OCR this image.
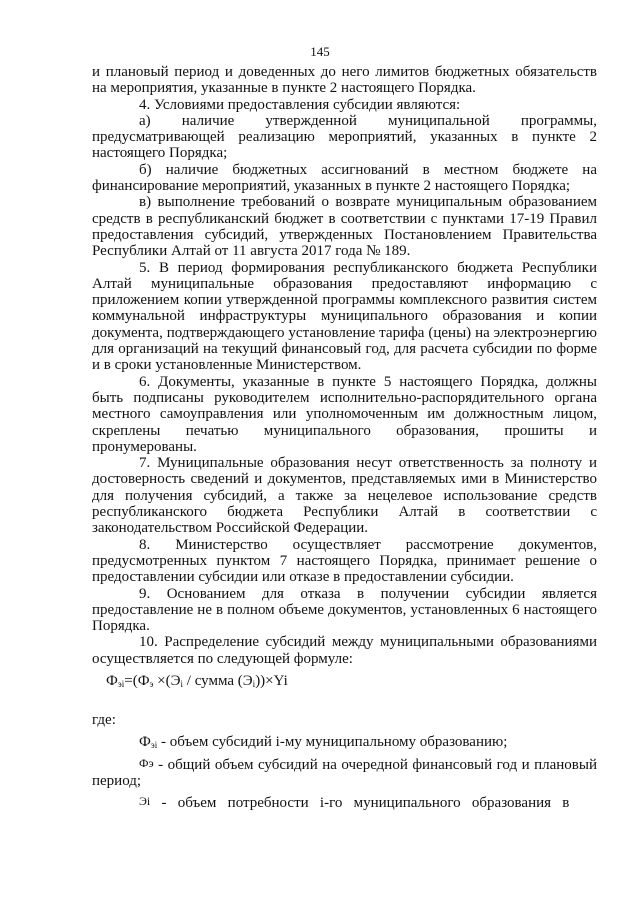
145

и плановый период и доведенных до него лимитов бюджетных обязательств на мероприятия, указанные в пункте 2 настоящего Порядка.

4. Условиями предоставления субсидии являются:

а) наличие утвержденной муниципальной программы, предусматривающей реализацию мероприятий, указанных в пункте 2 настоящего Порядка;

б) наличие бюджетных ассигнований в местном бюджете на финансирование мероприятий, указанных в пункте 2 настоящего Порядка;

в) выполнение требований о возврате муниципальным образованием средств в республиканский бюджет в соответствии с пунктами 17-19 Правил предоставления субсидий, утвержденных Постановлением Правительства Республики Алтай от 11 августа 2017 года № 189.

5. В период формирования республиканского бюджета Республики Алтай муниципальные образования предоставляют информацию с приложением копии утвержденной программы комплексного развития систем коммунальной инфраструктуры муниципального образования и копии документа, подтверждающего установление тарифа (цены) на электроэнергию для организаций на текущий финансовый год, для расчета субсидии по форме и в сроки установленные Министерством.

6. Документы, указанные в пункте 5 настоящего Порядка, должны быть подписаны руководителем исполнительно-распорядительного органа местного самоуправления или уполномоченным им должностным лицом, скреплены печатью муниципального образования, прошиты и пронумерованы.

7. Муниципальные образования несут ответственность за полноту и достоверность сведений и документов, представляемых ими в Министерство для получения субсидий, а также за нецелевое использование средств республиканского бюджета Республики Алтай в соответствии с законодательством Российской Федерации.

8. Министерство осуществляет рассмотрение документов, предусмотренных пунктом 7 настоящего Порядка, принимает решение о предоставлении субсидии или отказе в предоставлении субсидии.

9. Основанием для отказа в получении субсидии является предоставление не в полном объеме документов, установленных 6 настоящего Порядка.

10. Распределение субсидий между муниципальными образованиями осуществляется по следующей формуле:

$Ф_{эi}=(Ф_э \times(Э_i$ / сумма $(Э_i))\times Yi$

где:

$Ф_{эi}$ - объем субсидий i-му муниципальному образованию;

Фэ - общий объем субсидий на очередной финансовый год и плановый период;

Эi   -   объем   потребности   i-го   муниципального   образования   в
